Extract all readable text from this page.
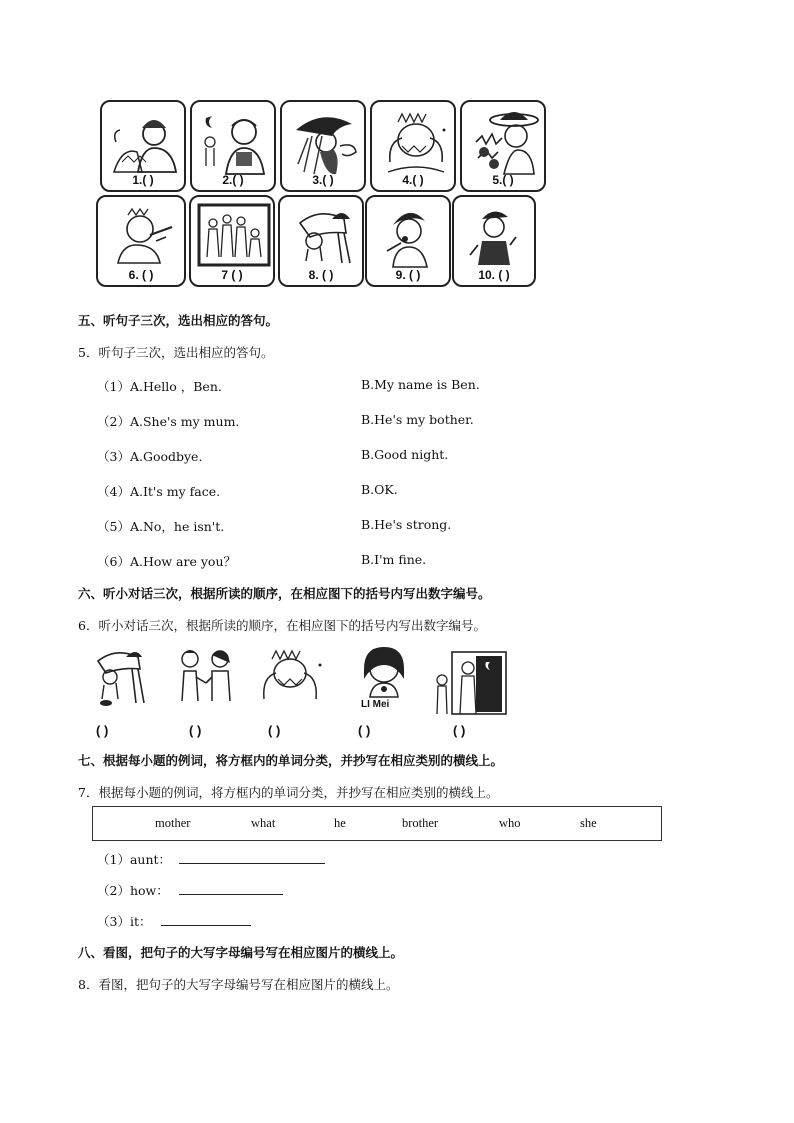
1.( )	2.( )	3.( )	4.( )	5.( )
6. ( )	7 ( )	8. ( )	9. ( )	10. ( )
五、听句子三次，选出相应的答句。
5．听句子三次，选出相应的答句。
（1）A.Hello ，Ben.	B.My name is Ben.
（2）A.She's my mum.	B.He's my bother.
（3）A.Goodbye.	B.Good night.
（4）A.It's my face.	B.OK.
（5）A.No，he isn't.	B.He's strong.
（6）A.How are you？	B.I'm fine.
六、听小对话三次，根据所读的顺序，在相应图下的括号内写出数字编号。
6．听小对话三次，根据所读的顺序，在相应图下的括号内写出数字编号。
LI Mei
( )	( )	( )	( )	( )
七、根据每小题的例词，将方框内的单词分类，并抄写在相应类别的横线上。
7．根据每小题的例词，将方框内的单词分类，并抄写在相应类别的横线上。
mother	what	he	brother	who	she
（1）aunt：
（2）how：
（3）it：
八、看图，把句子的大写字母编号写在相应图片的横线上。
8．看图，把句子的大写字母编号写在相应图片的横线上。
